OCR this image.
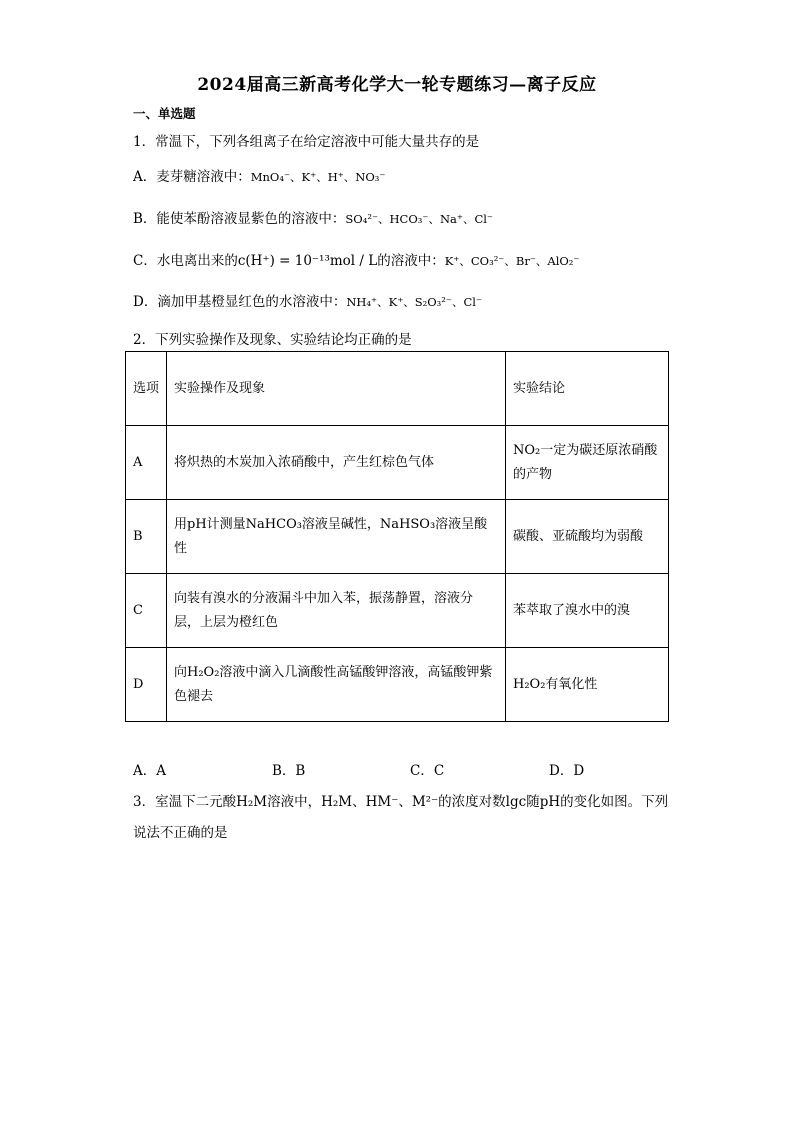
2024届高三新高考化学大一轮专题练习—离子反应
一、单选题
1．常温下，下列各组离子在给定溶液中可能大量共存的是
A．麦芽糖溶液中：MnO₄⁻、K⁺、H⁺、NO₃⁻
B．能使苯酚溶液显紫色的溶液中：SO₄²⁻、HCO₃⁻、Na⁺、Cl⁻
C．水电离出来的c(H⁺) = 10⁻¹³mol / L的溶液中：K⁺、CO₃²⁻、Br⁻、AlO₂⁻
D．滴加甲基橙显红色的水溶液中：NH₄⁺、K⁺、S₂O₃²⁻、Cl⁻
2．下列实验操作及现象、实验结论均正确的是
选项	实验操作及现象	实验结论
A	将炽热的木炭加入浓硝酸中，产生红棕色气体	NO₂一定为碳还原浓硝酸的产物
B	用pH计测量NaHCO₃溶液呈碱性，NaHSO₃溶液呈酸性	碳酸、亚硫酸均为弱酸
C	向装有溴水的分液漏斗中加入苯，振荡静置，溶液分层，上层为橙红色	苯萃取了溴水中的溴
D	向H₂O₂溶液中滴入几滴酸性高锰酸钾溶液，高锰酸钾紫色褪去	H₂O₂有氧化性
A．A	B．B	C．C	D．D
3．室温下二元酸H₂M溶液中，H₂M、HM⁻、M²⁻的浓度对数lgc随pH的变化如图。下列
说法不正确的是
